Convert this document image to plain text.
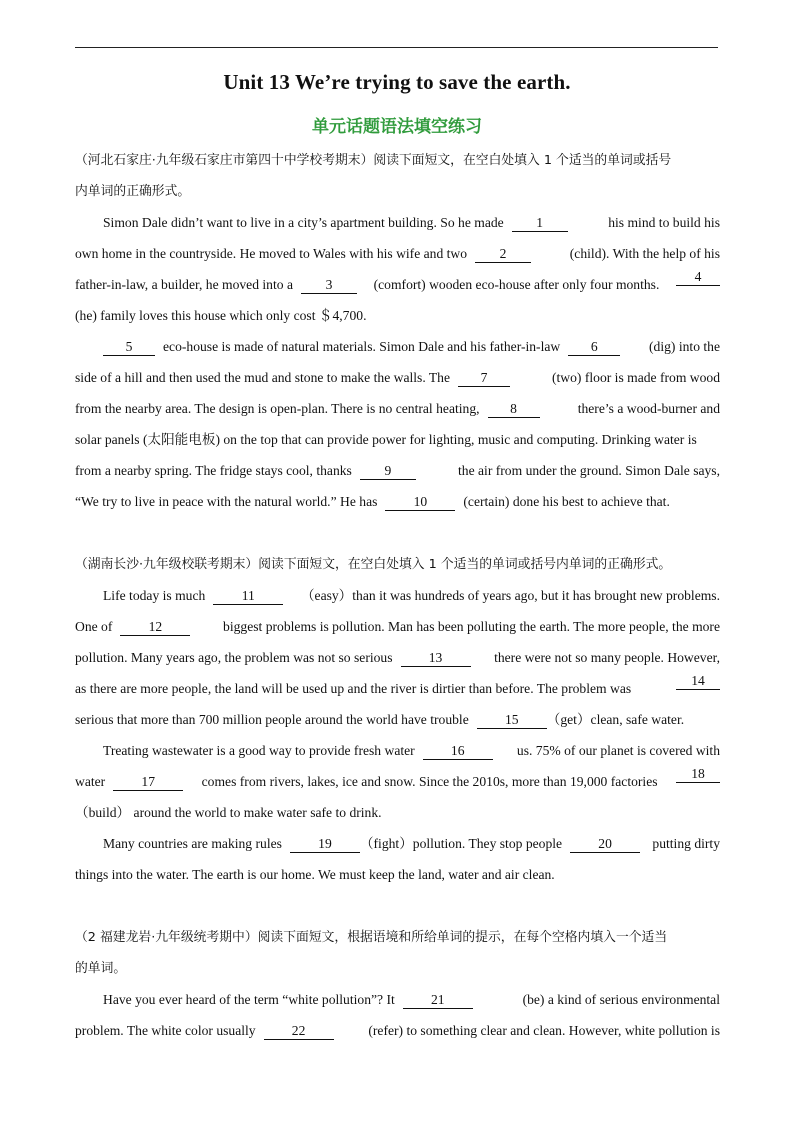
Unit 13 We’re trying to save the earth.
单元话题语法填空练习
（河北石家庄·九年级石家庄市第四十中学校考期末）阅读下面短文，在空白处填入 1 个适当的单词或括号
内单词的正确形式。
Simon Dale didn’t want to live in a city’s apartment building. So he made 1	his mind to build his
own home in the countryside. He moved to Wales with his wife and two 2	(child). With the help of his
father-in-law, a builder, he moved into a 3	(comfort) wooden eco-house after only four months.
4
(he) family loves this house which only cost ＄4,700.
5 eco-house is made of natural materials. Simon Dale and his father-in-law 6	(dig) into the
side of a hill and then used the mud and stone to make the walls. The 7	(two) floor is made from wood
from the nearby area. The design is open-plan. There is no central heating, 8	there’s a wood-burner and
solar panels (太阳能电板) on the top that can provide power for lighting, music and computing. Drinking water is
from a nearby spring. The fridge stays cool, thanks 9	the air from under the ground. Simon Dale says,
“We try to live in peace with the natural world.” He has	10	(certain) done his best to achieve that.
（湖南长沙·九年级校联考期末）阅读下面短文，在空白处填入 1 个适当的单词或括号内单词的正确形式。
Life today is much	11	（easy）than it was hundreds of years ago, but it has brought new problems.
One of	12	biggest problems is pollution. Man has been polluting the earth. The more people, the more
pollution. Many years ago, the problem was not so serious	13	there were not so many people. However,
as there are more people, the land will be used up and the river is dirtier than before. The problem was
14
serious that more than 700 million people around the world have trouble	15 （get）clean, safe water.
Treating wastewater is a good way to provide fresh water	16	us. 75% of our planet is covered with
water	17	comes from rivers, lakes, ice and snow. Since the 2010s, more than 19,000 factories
18
（build） around the world to make water safe to drink.
Many countries are making rules	19 （fight）pollution. They stop people	20	putting dirty
things into the water. The earth is our home. We must keep the land, water and air clean.
（2 福建龙岩·九年级统考期中）阅读下面短文，根据语境和所给单词的提示，在每个空格内填入一个适当
的单词。
Have you ever heard of the term “white pollution”? It	21	(be) a kind of serious environmental
problem. The white color usually	22	(refer) to something clear and clean. However, white pollution is
